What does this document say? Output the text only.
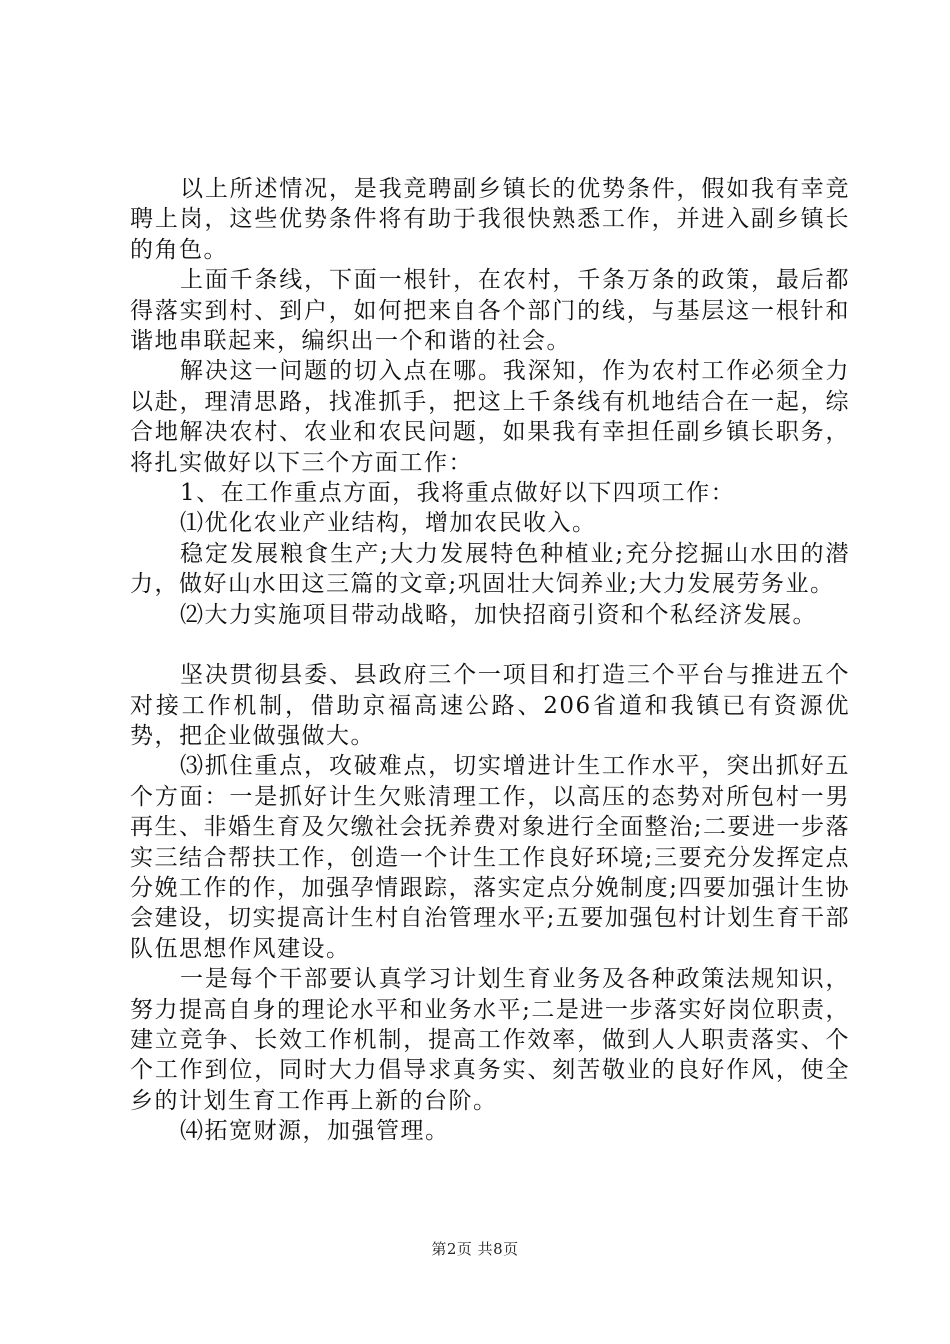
以上所述情况，是我竞聘副乡镇长的优势条件，假如我有幸竞聘上岗，这些优势条件将有助于我很快熟悉工作，并进入副乡镇长的角色。

上面千条线，下面一根针，在农村，千条万条的政策，最后都得落实到村、到户，如何把来自各个部门的线，与基层这一根针和谐地串联起来，编织出一个和谐的社会。

解决这一问题的切入点在哪。我深知，作为农村工作必须全力以赴，理清思路，找准抓手，把这上千条线有机地结合在一起，综合地解决农村、农业和农民问题，如果我有幸担任副乡镇长职务，将扎实做好以下三个方面工作：

1、在工作重点方面，我将重点做好以下四项工作：

⑴优化农业产业结构，增加农民收入。

稳定发展粮食生产;大力发展特色种植业;充分挖掘山水田的潜力，做好山水田这三篇的文章;巩固壮大饲养业;大力发展劳务业。

⑵大力实施项目带动战略，加快招商引资和个私经济发展。

坚决贯彻县委、县政府三个一项目和打造三个平台与推进五个对接工作机制，借助京福高速公路、206省道和我镇已有资源优势，把企业做强做大。

⑶抓住重点，攻破难点，切实增进计生工作水平，突出抓好五个方面：一是抓好计生欠账清理工作，以高压的态势对所包村一男再生、非婚生育及欠缴社会抚养费对象进行全面整治;二要进一步落实三结合帮扶工作，创造一个计生工作良好环境;三要充分发挥定点分娩工作的作，加强孕情跟踪，落实定点分娩制度;四要加强计生协会建设，切实提高计生村自治管理水平;五要加强包村计划生育干部队伍思想作风建设。

一是每个干部要认真学习计划生育业务及各种政策法规知识，努力提高自身的理论水平和业务水平;二是进一步落实好岗位职责，建立竞争、长效工作机制，提高工作效率，做到人人职责落实、个个工作到位，同时大力倡导求真务实、刻苦敬业的良好作风，使全乡的计划生育工作再上新的台阶。

⑷拓宽财源，加强管理。

第2页 共8页
